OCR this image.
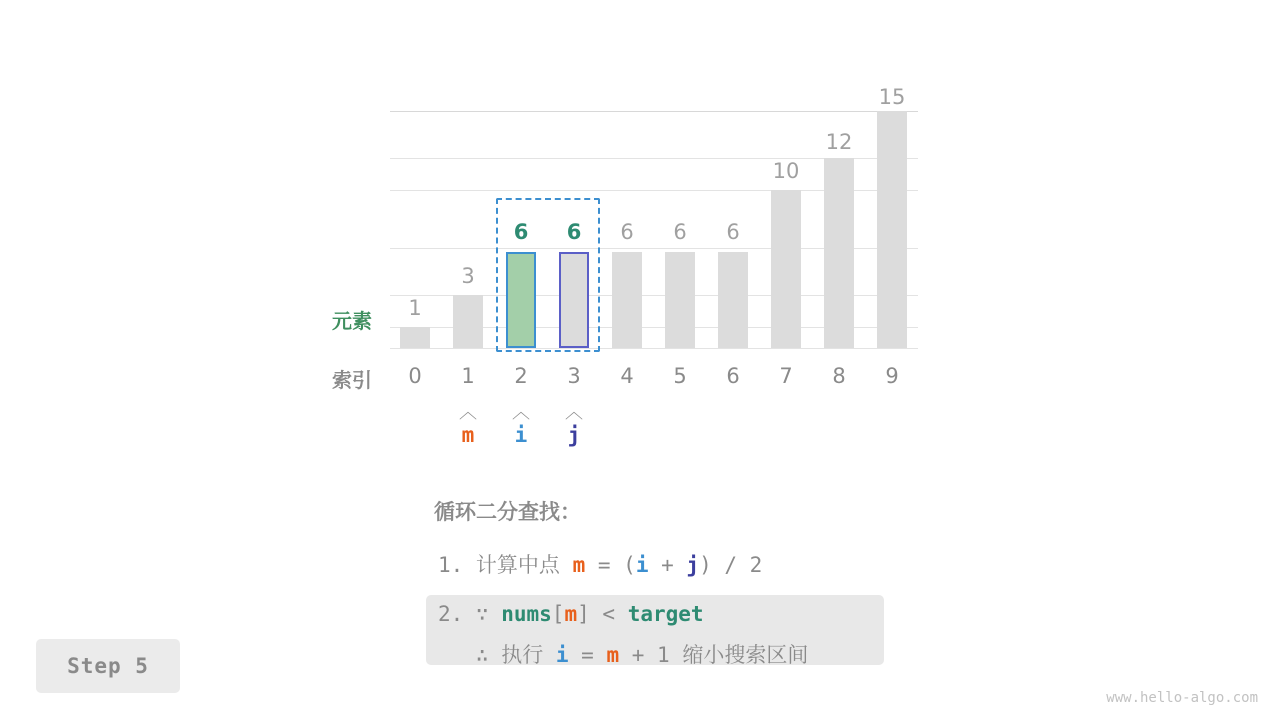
1
3
6	6	6	6	6
10
12
15
元素
索引	0	1	2	3	4	5	6	7	8	9
︿	︿	︿
m	i	j
循环二分查找：
1. 计算中点 m = (i + j) / 2
2. ∵ nums[m] < target
∴ 执行 i = m + 1 缩小搜索区间
Step 5
www.hello-algo.com
